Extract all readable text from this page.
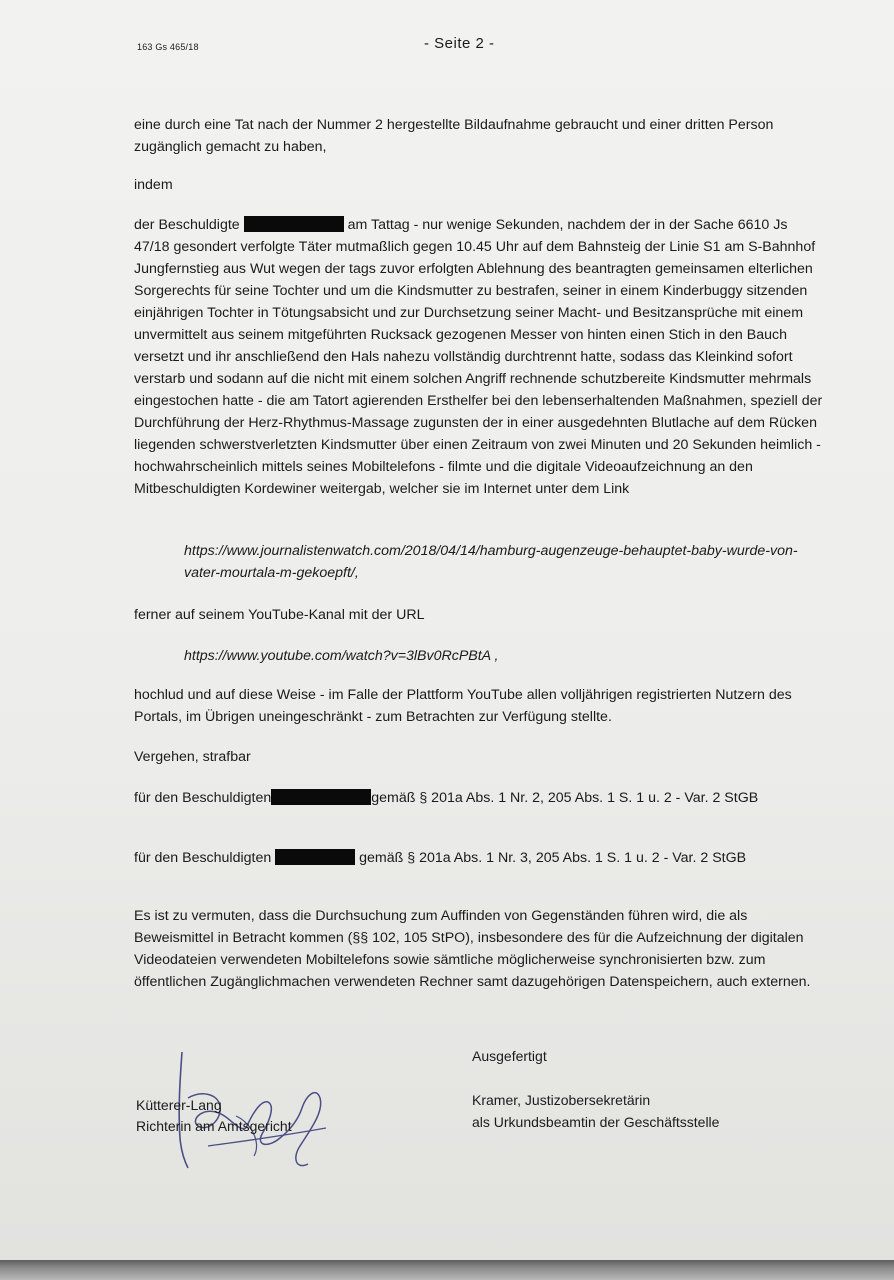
163 Gs 465/18	- Seite 2 -

eine durch eine Tat nach der Nummer 2 hergestellte Bildaufnahme gebraucht und einer dritten Person zugänglich gemacht zu haben,

indem

der Beschuldigte	am Tattag - nur wenige Sekunden, nachdem der in der Sache 6610 Js 47/18 gesondert verfolgte Täter mutmaßlich gegen 10.45 Uhr auf dem Bahnsteig der Linie S1 am S-Bahnhof Jungfernstieg aus Wut wegen der tags zuvor erfolgten Ablehnung des beantragten gemeinsamen elterlichen Sorgerechts für seine Tochter und um die Kindsmutter zu bestrafen, seiner in einem Kinderbuggy sitzenden einjährigen Tochter in Tötungsabsicht und zur Durchsetzung seiner Macht- und Besitzansprüche mit einem unvermittelt aus seinem mitgeführten Rucksack gezogenen Messer von hinten einen Stich in den Bauch versetzt und ihr anschließend den Hals nahezu vollständig durchtrennt hatte, sodass das Kleinkind sofort verstarb und sodann auf die nicht mit einem solchen Angriff rechnende schutzbereite Kindsmutter mehrmals eingestochen hatte - die am Tatort agierenden Ersthelfer bei den lebenserhaltenden Maßnahmen, speziell der Durchführung der Herz-Rhythmus-Massage zugunsten der in einer ausgedehnten Blutlache auf dem Rücken liegenden schwerstverletzten Kindsmutter über einen Zeitraum von zwei Minuten und 20 Sekunden heimlich - hochwahrscheinlich mittels seines Mobiltelefons - filmte und die digitale Videoaufzeichnung an den Mitbeschuldigten Kordewiner weitergab, welcher sie im Internet unter dem Link

https://www.journalistenwatch.com/2018/04/14/hamburg-augenzeuge-behauptet-baby-wurde-von-vater-mourtala-m-gekoepft/,

ferner auf seinem YouTube-Kanal mit der URL

https://www.youtube.com/watch?v=3lBv0RcPBtA ,

hochlud und auf diese Weise - im Falle der Plattform YouTube allen volljährigen registrierten Nutzern des Portals, im Übrigen uneingeschränkt - zum Betrachten zur Verfügung stellte.

Vergehen, strafbar

für den Beschuldigten	gemäß § 201a Abs. 1 Nr. 2, 205 Abs. 1 S. 1 u. 2 - Var. 2 StGB

für den Beschuldigten	gemäß § 201a Abs. 1 Nr. 3, 205 Abs. 1 S. 1 u. 2 - Var. 2 StGB

Es ist zu vermuten, dass die Durchsuchung zum Auffinden von Gegenständen führen wird, die als Beweismittel in Betracht kommen (§§ 102, 105 StPO), insbesondere des für die Aufzeichnung der digitalen Videodateien verwendeten Mobiltelefons sowie sämtliche möglicherweise synchronisierten bzw. zum öffentlichen Zugänglichmachen verwendeten Rechner samt dazugehörigen Datenspeichern, auch externen.

Ausgefertigt
Kramer, Justizobersekretärin
als Urkundsbeamtin der Geschäftsstelle
Kütterer-Lang
Richterin am Amtsgericht
